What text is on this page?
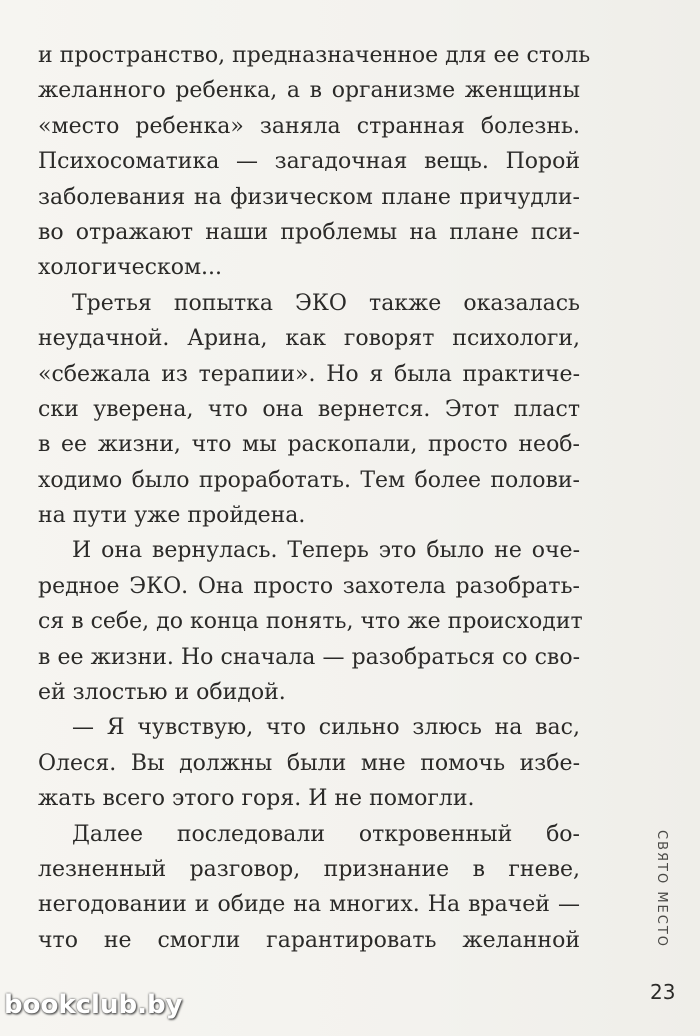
и пространство, предназначенное для ее столь
желанного ребенка, а в организме женщины
«место ребенка» заняла странная болезнь.
Психосоматика — загадочная вещь. Порой
заболевания на физическом плане причудли-
во отражают наши проблемы на плане пси-
хологическом...
Третья попытка ЭКО также оказалась
неудачной. Арина, как говорят психологи,
«сбежала из терапии». Но я была практиче-
ски уверена, что она вернется. Этот пласт
в ее жизни, что мы раскопали, просто необ-
ходимо было проработать. Тем более полови-
на пути уже пройдена.
И она вернулась. Теперь это было не оче-
редное ЭКО. Она просто захотела разобрать-
ся в себе, до конца понять, что же происходит
в ее жизни. Но сначала — разобраться со сво-
ей злостью и обидой.
— Я чувствую, что сильно злюсь на вас,
Олеся. Вы должны были мне помочь избе-
жать всего этого горя. И не помогли.
Далее последовали откровенный бо-
лезненный разговор, признание в гневе,
негодовании и обиде на многих. На врачей —
что не смогли гарантировать желанной	СВЯТО МЕСТО
23
bookclub.by
